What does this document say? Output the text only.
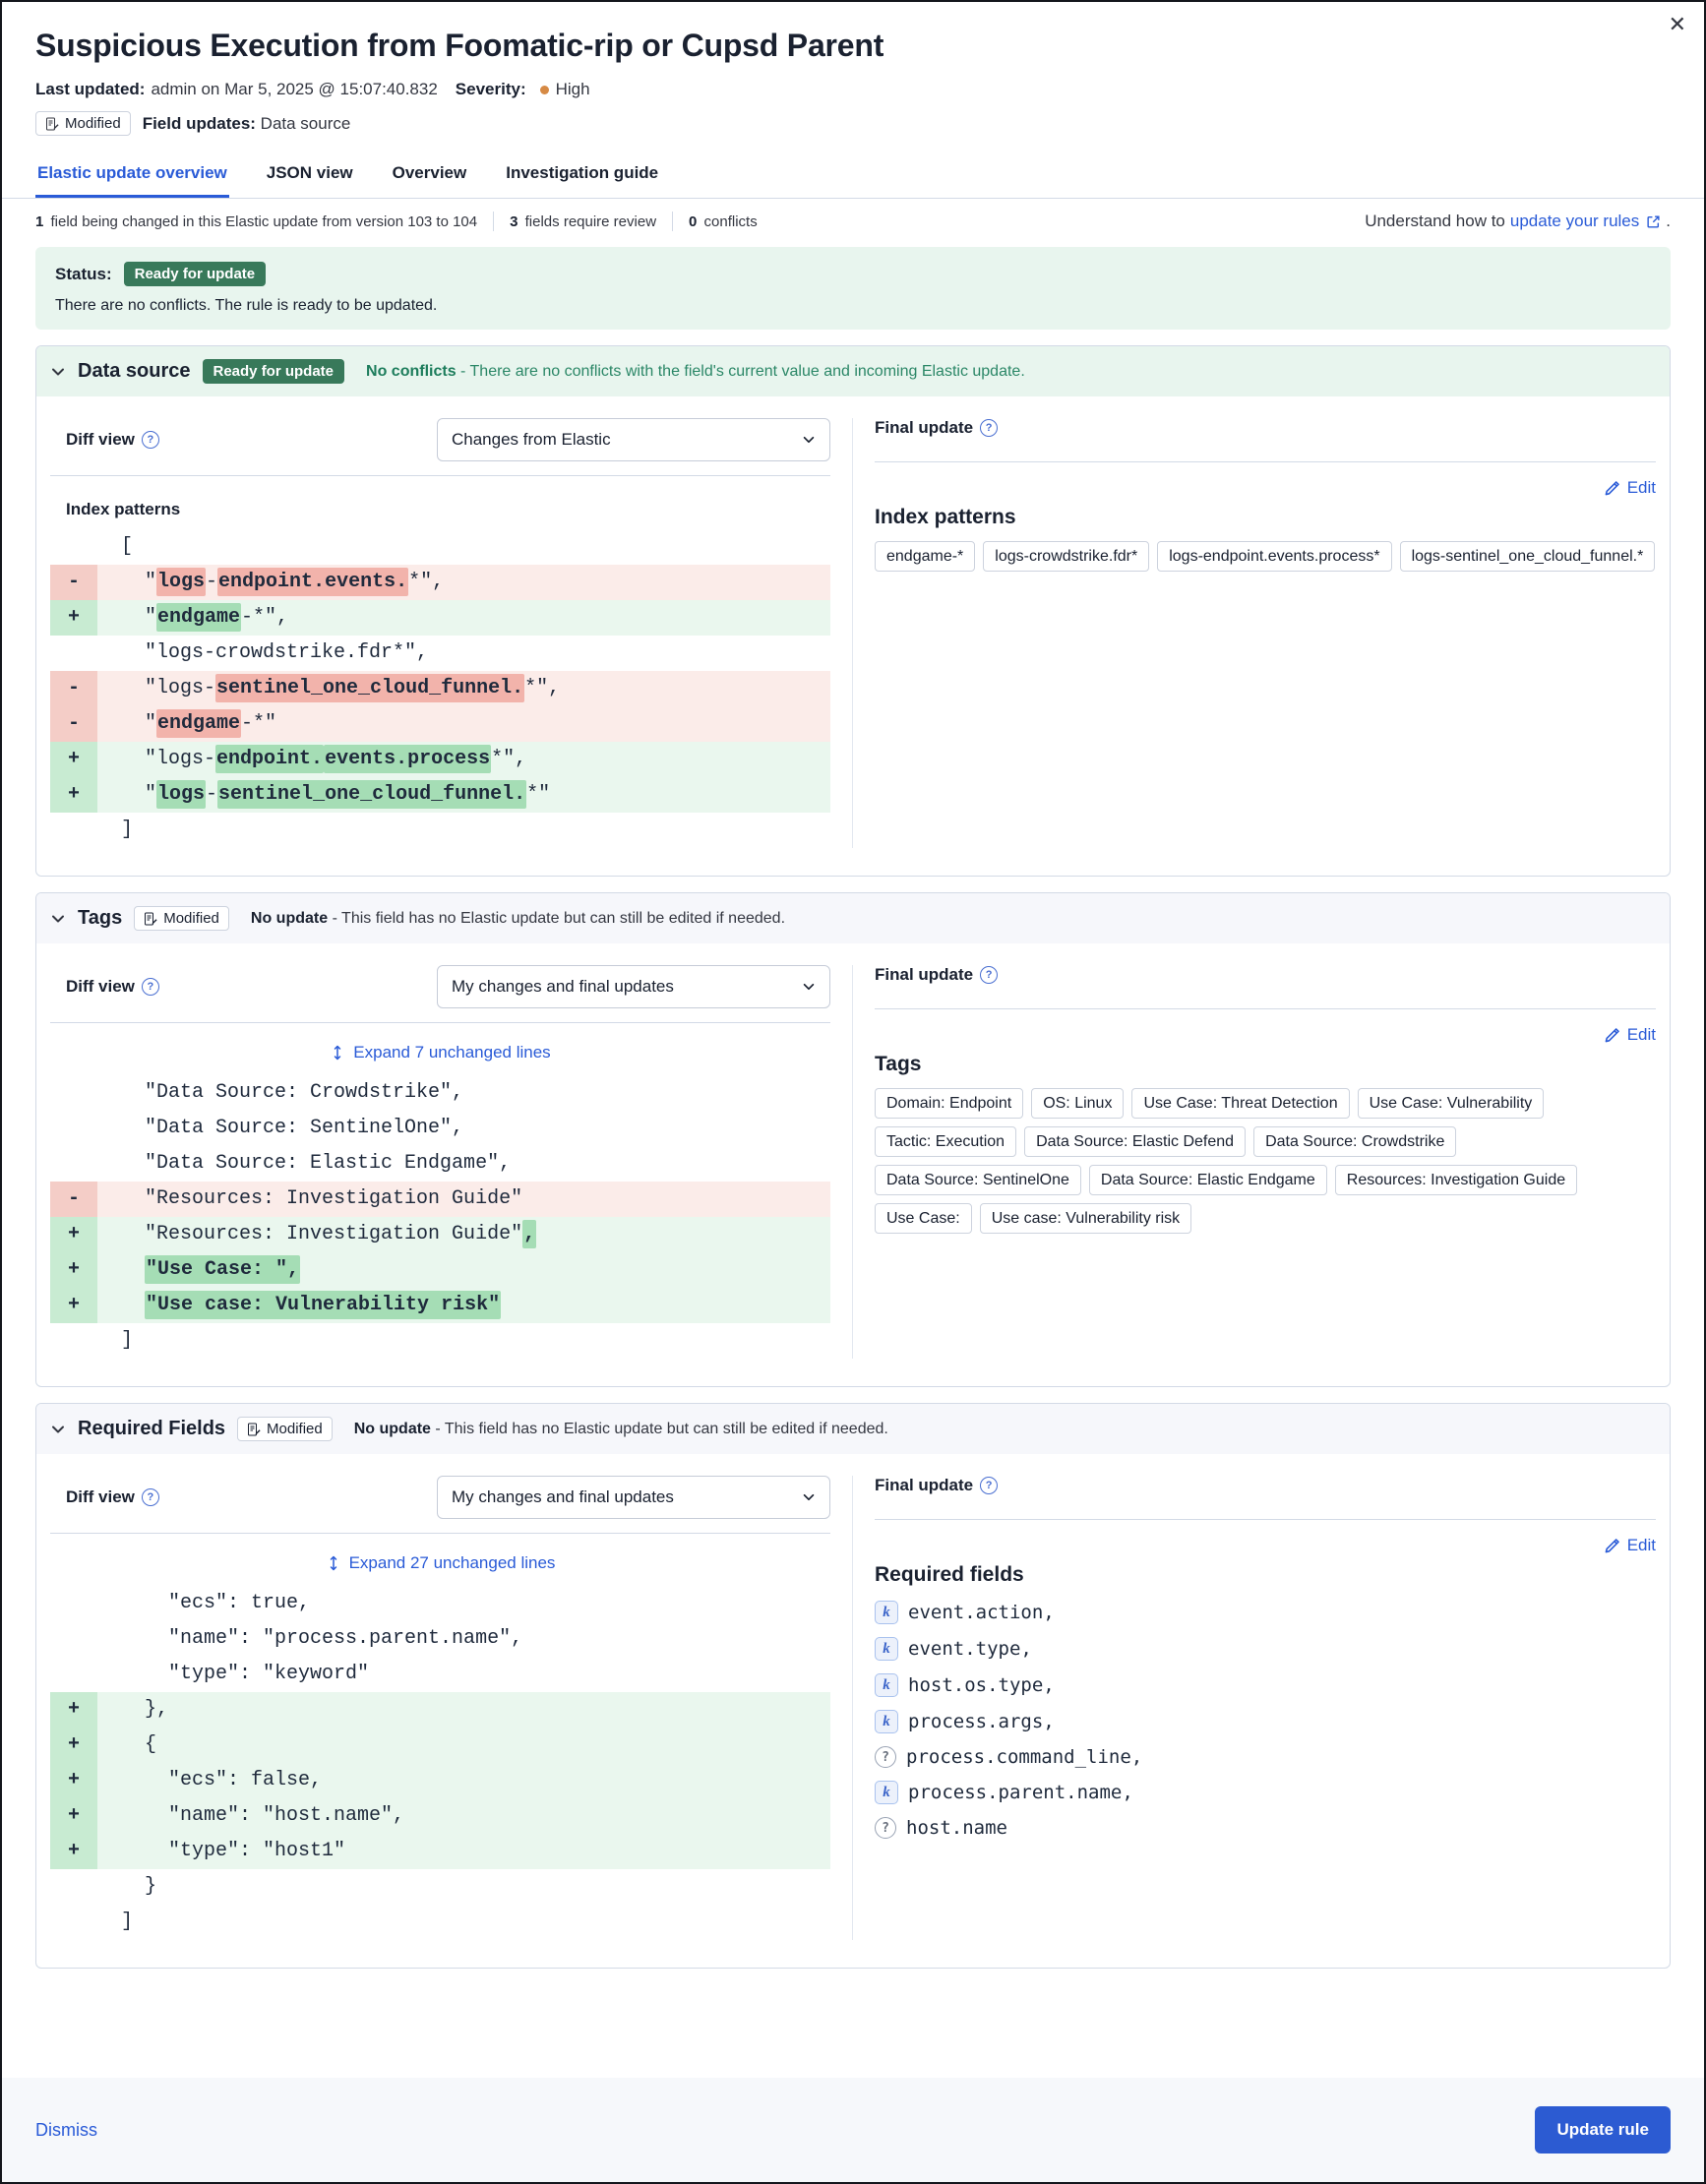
✕
Suspicious Execution from Foomatic-rip or Cupsd Parent
Last updated: admin on Mar 5, 2025 @ 15:07:40.832 Severity: High
Modified Field updates: Data source
Elastic update overview JSON view Overview Investigation guide
1 field being changed in this Elastic update from version 103 to 104 3 fields require review 0 conflicts	Understand how to update your rules .
Status:	Ready for update
There are no conflicts. The rule is ready to be updated.
Data source Ready for update No conflicts - There are no conflicts with the field's current value and incoming Elastic update.
Diff view	?	Changes from Elastic
Index patterns
[
- "logs-endpoint.events.*",
+ "endgame-*",
"logs-crowdstrike.fdr*",
- "logs-sentinel_one_cloud_funnel.*",
- "endgame-*"
+ "logs-endpoint. events.process*",
+ "logs-sentinel_one_cloud_funnel.*"
]
Final update	?
Edit
Index patterns
endgame-*	logs-crowdstrike.fdr*	logs-endpoint.events.process*	logs-sentinel_one_cloud_funnel.*
Tags	Modified No update - This field has no Elastic update but can still be edited if needed.
Diff view	?	My changes and final updates
Expand 7 unchanged lines
"Data Source: Crowdstrike",
"Data Source: SentinelOne",
"Data Source: Elastic Endgame",
- "Resources: Investigation Guide"
+ "Resources: Investigation Guide",
+	"Use Case: ",
+	"Use case: Vulnerability risk"
]
Final update	?
Edit
Tags
Domain: Endpoint	OS: Linux	Use Case: Threat Detection	Use Case: Vulnerability
Tactic: Execution	Data Source: Elastic Defend	Data Source: Crowdstrike
Data Source: SentinelOne	Data Source: Elastic Endgame	Resources: Investigation Guide
Use Case:	Use case: Vulnerability risk
Required Fields	Modified No update - This field has no Elastic update but can still be edited if needed.
Diff view	?	My changes and final updates
Expand 27 unchanged lines
"ecs": true,
"name": "process.parent.name",
"type": "keyword"
+ },
+ {
+ "ecs": false,
+ "name": "host.name",
+ "type": "host1"
}
]
Final update	?
Edit
Required fields
k event.action,
k event.type,
k host.os.type,
k process.args,
? process.command_line,
k process.parent.name,
? host.name
Dismiss	Update rule
